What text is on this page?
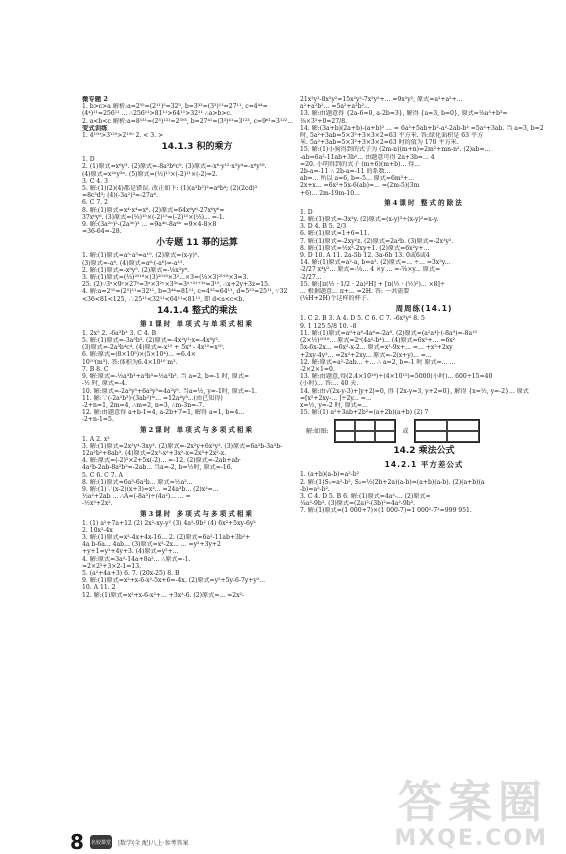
微专题 2
1. b>c>a 解析:a=2⁵⁵=(2¹¹)⁵=32⁵, b=3³³=(3³)¹¹=27¹¹, c=4⁴⁴=
(4⁴)¹¹=256¹¹ ... ∴256¹¹>81¹¹>64¹¹>32¹¹ ∴a>b>c.
2. a<b<c 解析:a=8¹³¹=(2³)¹³¹=2³⁹³, b=27⁴¹=(3³)⁴¹=3¹²³, c=9⁶¹=3¹²²...
变式训练
1. 4¹⁰⁰>3¹²⁵>2¹⁵⁰ 2. < 3. >
14.1.3 积的乘方
1. D
2. (1)原式=x⁶y³. (2)原式=-8a³b⁶c⁹. (3)原式=-x⁶·y¹²·x²y⁴=-x⁸y¹⁶.
(4)原式=x²ⁿy³ⁿ. (5)原式=(½)¹¹×(-2)¹¹×(-2)=2.
3. C 4. 3
5. 解:(1)(2)(4)都是错误. 改正如下: (1)(a³b²)²=a⁶b⁴; (2)(2cd)³
=8c³d³; (4)(-3a²)³=-27a⁶.
6. C 7. 2
8. 解:(1)原式=x⁴·x⁴=x⁸. (2)原式=64x⁶y⁶-27x⁶y⁶=
37x⁶y⁶. (3)原式=(⅓)¹⁵×(-2)¹⁵=(-2)¹⁵×(⅓)... =-1.
9. 解:(3a²ⁿ)²-(2a³ⁿ)³ ... =9a⁴ⁿ-8a⁶ⁿ =9×4-8×8
=36-64=-28.
小专题 11 幂的运算
1. 解:(1)原式=a⁵·a⁵=a¹⁰. (2)原式=(x-y)⁵.
(3)原式=-a⁶. (4)原式=a⁶·(-a⁶)=-a¹².
2. 解:(1)原式=-x⁸y⁵. (2)原式=-⅛x³y⁶.
3. 解:(1)原式=(⅓)²⁰¹⁸×(3)²⁰¹⁸×3²...×3=(⅓×3)²⁰¹⁸×3=3.
25. (2)∵3ˣ×9ʸ×27ᶻ=3ˣ×3²ʸ×3³ᶻ=3ˣ⁺²ʸ⁺³ᶻ=3¹⁵, ∴x+2y+3z=15.
4. 解:a=2⁵⁵=(2⁵)¹¹=32¹¹, b=3⁴⁴=81¹¹, c=4³³=64¹¹, d=5²²=25¹¹, ∵32
<36<81<125, ∴25¹¹<32¹¹<64¹¹<81¹¹, 即 d<a<c<b.
14.1.4 整式的乘法
第1课时 单项式与单项式相乘
1. 2x⁵ 2. -6a³b³ 3. C 4. B
5. 解:(1)原式=-3a³b³. (2)原式=-4x²y²·x=-4x³y².
(3)原式=-2a³b⁴c⁴. (4)原式=-x¹⁰ + 5x⁹ - 4x¹⁰=x¹⁰.
6. 解:原式=(8×10⁵)×(5×10⁴)... ≈6.4×
10¹⁰(m³). 答:体积为6.4×10¹⁰ m³.
7. B 8. C
9. 解:原式=-½a³b³+a³b³=½a³b³. 当 a=2, b=-1 时, 原式=
-½ 时, 原式=-4.
10. 解:原式=-2a²y⁵+6a²y⁵=4a²y⁵. 当a=½, y=-1时, 原式=-1.
11. 解:∵(-2a²b³)·(3ab²)ᵐ... =12a⁴y³...(由已知得)
-2+n=1, 2m=4, ∴m=2, n=3, ∴m-3n=-7.
12. 解:由题意得 a+b-1=4, a-2b+7=1, 解得 a=1, b=4...
-2+n-1=5.
第2课时 单项式与多项式相乘
1. A 2. x²
3. 解:(1)原式=2x²y⁴-3xy³. (2)原式=-2x²y+6x²y². (3)原式=6a²b-3a³b-
12a²b²+8ab³. (4)原式=2x³-x²+3x²-x=2x³+2x²-x.
4. 解:原式=(-2)²×2+5x(-2)... =-12. (2)原式=-2ab+ab·
4a²b-2ab-8a²b²=-2ab... 当a=-2, b=½时, 原式=-16.
5. C 6. C 7. A
8. 解:(1)原式=6a³-6a²b... 原式=½a²...
9. 解:(1)∵(x-2)(x+3)=x²... =24a³b... (2)x²=...
½a²+2ab ... ∴A=(-8a³)÷(4a²)... ... =
-½x³+2x².
第3课时 多项式与多项式相乘
1. (1) a²+7a+12 (2) 2x²-xy-y² (3) 4a²-9b² (4) 6x²+5xy-6y²
2. 10x²-4x
3. 解:(1)原式=x²-4x+4x-16... 2. (2)原式=6a²-11ab+3b²+
4a b-6a... 4ab... (3)原式=x²-2x... ... =y²+3y+2
+y+1=y²+4y+3. (4)原式=y²+...
4. 解:原式=3a²-14a+8a²... ∴原式=-1.
=2×2²+3×2-1=13.
5. (a²+4a+3) 6. 7. (20x-25) 8. B
9. 解:(1)原式=x²+x-6-x²-5x+6=-4x. (2)原式=y²+5y-6-7y+y²...
10. A 11. 2
12. 解:(1)原式=x²+x-6-x²+... +3x²-6. (2)原式=... =2x²-
21x²y²-8x²y²=15x²y²-7x²y²+... =9x²y², 原式=a²+a²+...
a²+a²b²... =5a²+a²b²...
13. 解:由题意得 {2a-6=0, a-2b=3}, 解得 {a=3, b=0}, 原式=⅛a³+b³=
⅛×3³+0=27/8.
14. 解:(3a+b)(2a+b)-(a+b)² ... = 6a²+5ab+b²-a²-2ab-b² =5a²+3ab. 当 a=3, b=2
时, 5a²+3ab=5×3²+3×3×2=63 平方米. 答:绿化面积是 63 平方
米. 5a²+3ab=5×3²+3×3×2=63 时的值为 170 平方米.
15. 解:(1)小狗得到的式子为 (2m-n)(m+n)=2m²+mn-n². (2)ab=...
-ab=6a²-11ab+3b²... 由题意可得 2a+3b=... 4
=20. 小明得到的式子 (m+6)(m+b)... 得...
2b-a=-11 ∴ 2b-a=-11 的系数...
ab=... 所以 a=6, b=-5... 原式=6m²+...
2x+x... =6x²+5x-6(ab)=... =(2m-5)(3m
+6)... 2m-19m-10...
第4课时 整式的除法
1. D
2. 解:(1)原式=-3x²y. (2)原式=(x-y)³÷(x-y)²=x-y.
3. D 4. B 5. 2/3
6. 解:(1)原式=1+6=11.
7. 解:(1)原式=-2xy²z. (2)原式=2a²b. (3)原式=-2x²y².
8. 解:(1)原式=½x²-2xy+1. (2)原式=6x²y+...
9. D 10. A 11. 2a-5b 12. 3a-6b 13. 0或6或4
14. 解:(1)原式=a²-a, b=a². (2)原式=... ÷... =3x²y...
-2/27 x⁴y²... 原式=-⅓... 4 ×y ... =-⅜×y... 原式=
-2/27...
15. 解:[π(½ · 1/2 · 2a)²H] + [π(½ · (½)²)... ×8]÷
... 根据题意... π+... =2H. 答: 一共需要
(⅛H+2H)个这样的杯子.
周周练(14.1)
1. C 2. B 3. A 4. D 5. C 6. C 7. -6x²y⁵ 8. 5
9. 1 125 5/8 10. -8
11. 解:(1)原式=a⁸+a⁸-4a⁸=-2a⁸. (2)原式=(a²a⁴)·(-8a⁹)=-8a¹⁵
(2×½)²⁰¹⁸... 原式=2ⁿ(4a²-b⁴)... (4)原式=6x²+... =6x²
5x-6x-2x... =6x²-x-2... 原式=x²-9x+... =... +x²+2xy
+2xy-4y²... =2x²+2xy... 原式=-2(x+y)... =...
12. 解:原式=a²-2ab... +... ∴ a=2, b=-1 时 原式=... ...
-2×2×1=0.
13. 解:由题意,得(2.4×10¹⁸)÷(4×10¹⁵)=5000(小时)... 600÷15=40
(小时)... 答:... 40 天.
14. 解:由√(2x-y-3)+|y+2|=0, 得 {2x-y=3, y+2=0}, 解得 {x=½, y=-2}... 原式
=[x²+2xy-... ]÷2y... =...
x=½, y=-2 时, 原式=...
15. 解:(1) a²+3ab+2b²=(a+2b)(a+b) (2) 7
解:如图:	或
14.2 乘法公式
14.2.1 平方差公式
1. (a+b)(a-b)=a²-b²
2. 解:(1)S₁=a²-b², S₂=½(2b+2a)(a-b)=(a+b)(a-b). (2)(a+b)(a
-b)=a²-b².
3. C 4. D 5. B 6. 解:(1)原式=4a²-... (2)原式=
¼a²-9b². (3)原式=(2a)²-(3b)²=4a²-9b².
7. 解:(1)原式=(1 000+7)×(1 000-7)=1 000²-7²=999 951.
8 名校课堂 |数学(全 配)八上·参考答案
答案圈
MXQE.COM
